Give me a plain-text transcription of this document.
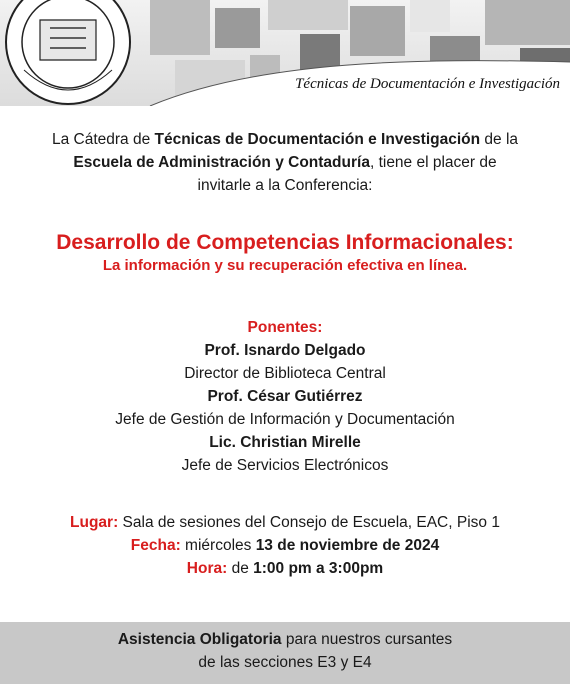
Técnicas de Documentación e Investigación
La Cátedra de Técnicas de Documentación e Investigación de la
Escuela de Administración y Contaduría, tiene el placer de
invitarle a la Conferencia:
Desarrollo de Competencias Informacionales:
La información y su recuperación efectiva en línea.
Ponentes:
Prof. Isnardo Delgado
Director de Biblioteca Central
Prof. César Gutiérrez
Jefe de Gestión de Información y Documentación
Lic. Christian Mirelle
Jefe de Servicios Electrónicos
Lugar: Sala de sesiones del Consejo de Escuela, EAC, Piso 1
Fecha: miércoles 13 de noviembre de 2024
Hora: de 1:00 pm a 3:00pm
Asistencia Obligatoria para nuestros cursantes
de las secciones E3 y E4
